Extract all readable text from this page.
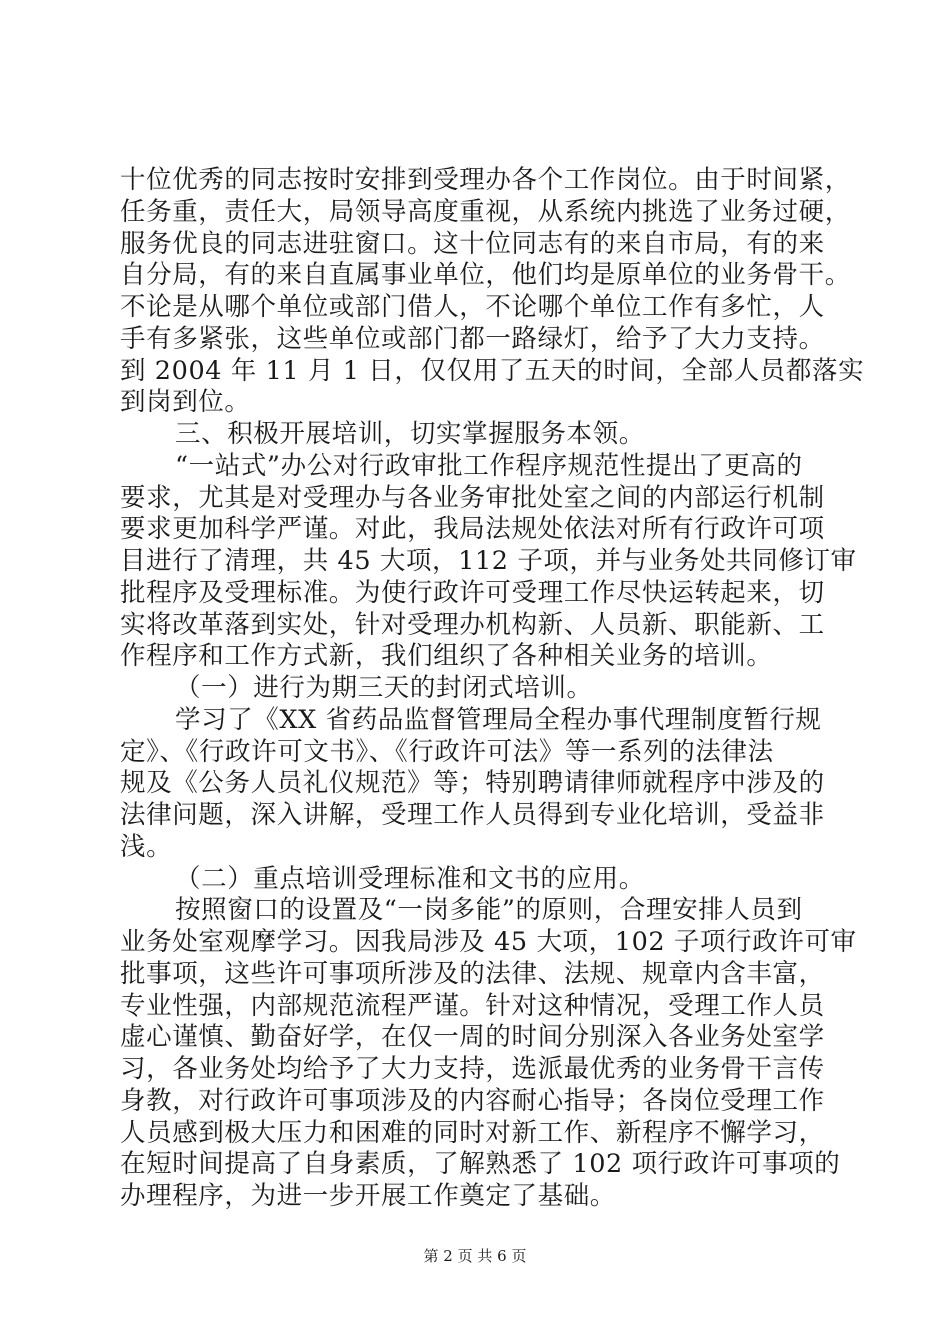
十位优秀的同志按时安排到受理办各个工作岗位。由于时间紧，
任务重，责任大，局领导高度重视，从系统内挑选了业务过硬，
服务优良的同志进驻窗口。这十位同志有的来自市局，有的来
自分局，有的来自直属事业单位，他们均是原单位的业务骨干。
不论是从哪个单位或部门借人，不论哪个单位工作有多忙，人
手有多紧张，这些单位或部门都一路绿灯，给予了大力支持。
到 2004 年 11 月 1 日，仅仅用了五天的时间，全部人员都落实
到岗到位。
三、积极开展培训，切实掌握服务本领。
“一站式”办公对行政审批工作程序规范性提出了更高的
要求，尤其是对受理办与各业务审批处室之间的内部运行机制
要求更加科学严谨。对此，我局法规处依法对所有行政许可项
目进行了清理，共 45 大项，112 子项，并与业务处共同修订审
批程序及受理标准。为使行政许可受理工作尽快运转起来，切
实将改革落到实处，针对受理办机构新、人员新、职能新、工
作程序和工作方式新，我们组织了各种相关业务的培训。
（一）进行为期三天的封闭式培训。
学习了《XX 省药品监督管理局全程办事代理制度暂行规
定》、《行政许可文书》、《行政许可法》等一系列的法律法
规及《公务人员礼仪规范》等；特别聘请律师就程序中涉及的
法律问题，深入讲解，受理工作人员得到专业化培训，受益非
浅。
（二）重点培训受理标准和文书的应用。
按照窗口的设置及“一岗多能”的原则，合理安排人员到
业务处室观摩学习。因我局涉及 45 大项，102 子项行政许可审
批事项，这些许可事项所涉及的法律、法规、规章内含丰富，
专业性强，内部规范流程严谨。针对这种情况，受理工作人员
虚心谨慎、勤奋好学，在仅一周的时间分别深入各业务处室学
习，各业务处均给予了大力支持，选派最优秀的业务骨干言传
身教，对行政许可事项涉及的内容耐心指导；各岗位受理工作
人员感到极大压力和困难的同时对新工作、新程序不懈学习，
在短时间提高了自身素质，了解熟悉了 102 项行政许可事项的
办理程序，为进一步开展工作奠定了基础。
第 2 页 共 6 页
